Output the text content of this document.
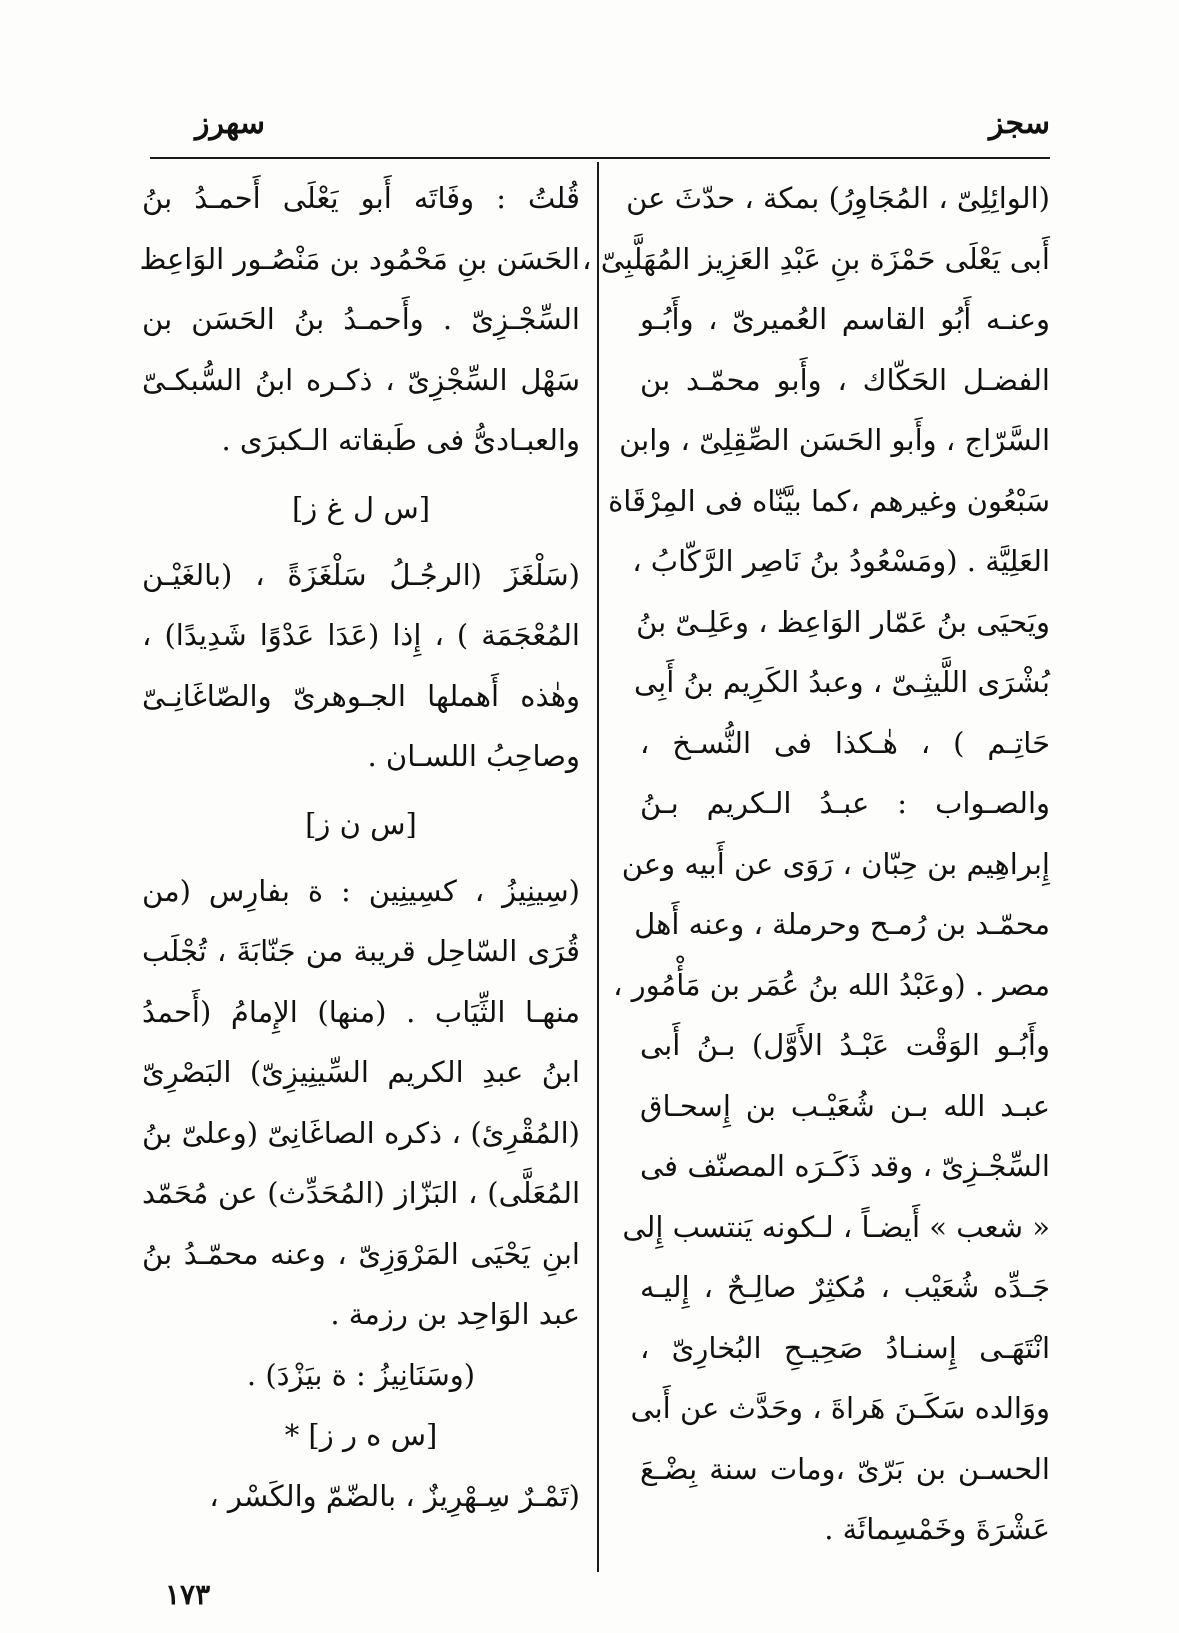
سجز
سهرز
(الوائِلِىّ ، المُجَاوِرُ) بمكة ، حدّثَ عن
أَبى يَعْلَى حَمْزَة بنِ عَبْدِ العَزِيز المُهَلَّبِىّ ،
وعنـه أَبُو القاسم العُميرىّ ، وأَبُـو
الفضـل الحَكّاك ، وأَبو محمّـد بن
السَّرّاج ، وأَبو الحَسَن الصِّقِلِىّ ، وابن
سَبْعُون وغيرهم ،كما بيَّنّاه فى المِرْقَاة
العَلِيَّة . (ومَسْعُودُ بنُ نَاصِر الرَّكّابُ ،
ويَحيَى بنُ عَمّار الوَاعِظ ، وعَلِـىّ بنُ
بُشْرَى اللَّيثِـىّ ، وعبدُ الكَرِيم بنُ أَبِى
حَاتِـم ) ، هٰـكذا فى النُّسـخ ،
والصـواب : عبـدُ الـكريم بـنُ
إِبراهِيم بن حِبّان ، رَوَى عن أَبيه وعن
محمّـد بن رُمـح وحرملة ، وعنه أَهل
مصر . (وعَبْدُ الله بنُ عُمَر بن مَأْمُور ،
وأَبُـو الوَقْت عَبْـدُ الأَوَّل) بـنُ أَبى
عبـد الله بـن شُعَيْـب بن إِسحـاق
السِّجْـزِىّ ، وقد ذَكَـرَه المصنّف فى
« شعب » أَيضـاً ، لـكونه يَنتسب إِلى
جَـدِّه شُعَيْب ، مُكثِرٌ صالِـحٌ ، إِليـه
انْتَهَـى إِسنـادُ صَحِيـحِ البُخارِىّ ،
ووَالده سَكَـنَ هَراةَ ، وحَدَّث عن أَبى
الحسـن بن بَرّىّ ،ومات سنة بِضْـعَ
عَشْرَةَ وخَمْسِمائَة .
قُلتُ : وفَاتَه أَبو يَعْلَى أَحمـدُ بنُ
الحَسَن بنِ مَحْمُود بن مَنْصُـور الوَاعِظ
السِّجْـزِىّ . وأَحمـدُ بنُ الحَسَن بن
سَهْل السِّجْزِىّ ، ذكـره ابنُ السُّبكـىّ
والعبـادىُّ فى طَبقاته الـكبرَى .
[س ل غ ز]
(سَلْغَزَ (الرجُـلُ سَلْغَزَةً ، (بالغَيْـن
المُعْجَمَة ) ، إِذا (عَدَا عَدْوًا شَدِيدًا) ،
وهٰذه أَهملها الجـوهرىّ والصّاغَانِـىّ
وصاحِبُ اللسـان .
[س ن ز]
(سِينِيزُ ، كسِينِين : ة بفارِس (من
قُرَى السّاحِل قريبة من جَنّابَةَ ، تُجْلَب
منهـا الثِّيَاب . (منها) الإِمامُ (أَحمدُ
ابنُ عبدِ الكريم السِّينِيزِىّ) البَصْرِىّ
(المُقْرِئ) ، ذكره الصاغَانِىّ (وعلىّ بنُ
المُعَلَّى) ، البَزّاز (المُحَدِّث) عن مُحَمّد
ابنِ يَحْيَى المَرْوَزِىّ ، وعنه محمّـدُ بنُ
عبد الوَاحِد بن رزمة .
(وسَنَانِيزُ : ة بيَزْدَ) .
[س ه ر ز] *
(تَمْـرٌ سِـهْرِيزٌ ، بالضّمّ والكَسْر ،
١٧٣
